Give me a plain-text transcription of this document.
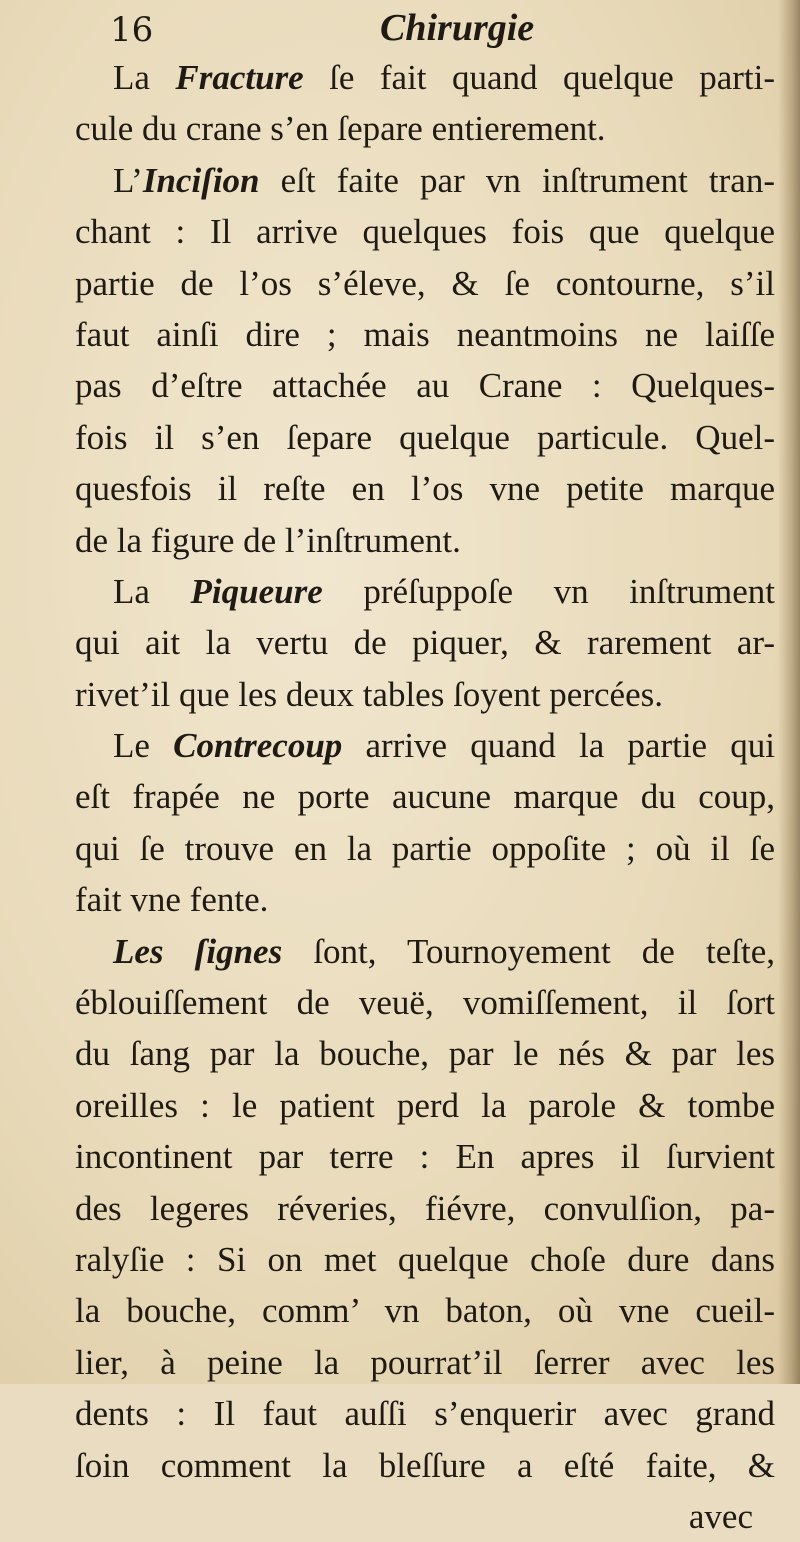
16	Chirurgie
La Fracture ſe fait quand quelque parti-
cule du crane s’en ſepare entierement.
L’Inciſion eſt faite par vn inſtrument tran-
chant : Il arrive quelques fois que quelque
partie de l’os s’éleve, & ſe contourne, s’il
faut ainſi dire ; mais neantmoins ne laiſſe
pas d’eſtre attachée au Crane : Quelques-
fois il s’en ſepare quelque particule. Quel-
quesfois il reſte en l’os vne petite marque
de la figure de l’inſtrument.
La Piqueure préſuppoſe vn inſtrument
qui ait la vertu de piquer, & rarement ar-
rivet’il que les deux tables ſoyent percées.
Le Contrecoup arrive quand la partie qui
eſt frapée ne porte aucune marque du coup,
qui ſe trouve en la partie oppoſite ; où il ſe
fait vne fente.
Les ſignes ſont, Tournoyement de teſte,
éblouiſſement de veuë, vomiſſement, il ſort
du ſang par la bouche, par le nés & par les
oreilles : le patient perd la parole & tombe
incontinent par terre : En apres il ſurvient
des legeres réveries, fiévre, convulſion, pa-
ralyſie : Si on met quelque choſe dure dans
la bouche, comm’ vn baton, où vne cueil-
lier, à peine la pourrat’il ſerrer avec les
dents : Il faut auſſi s’enquerir avec grand
ſoin comment la bleſſure a eſté faite, &
avec
